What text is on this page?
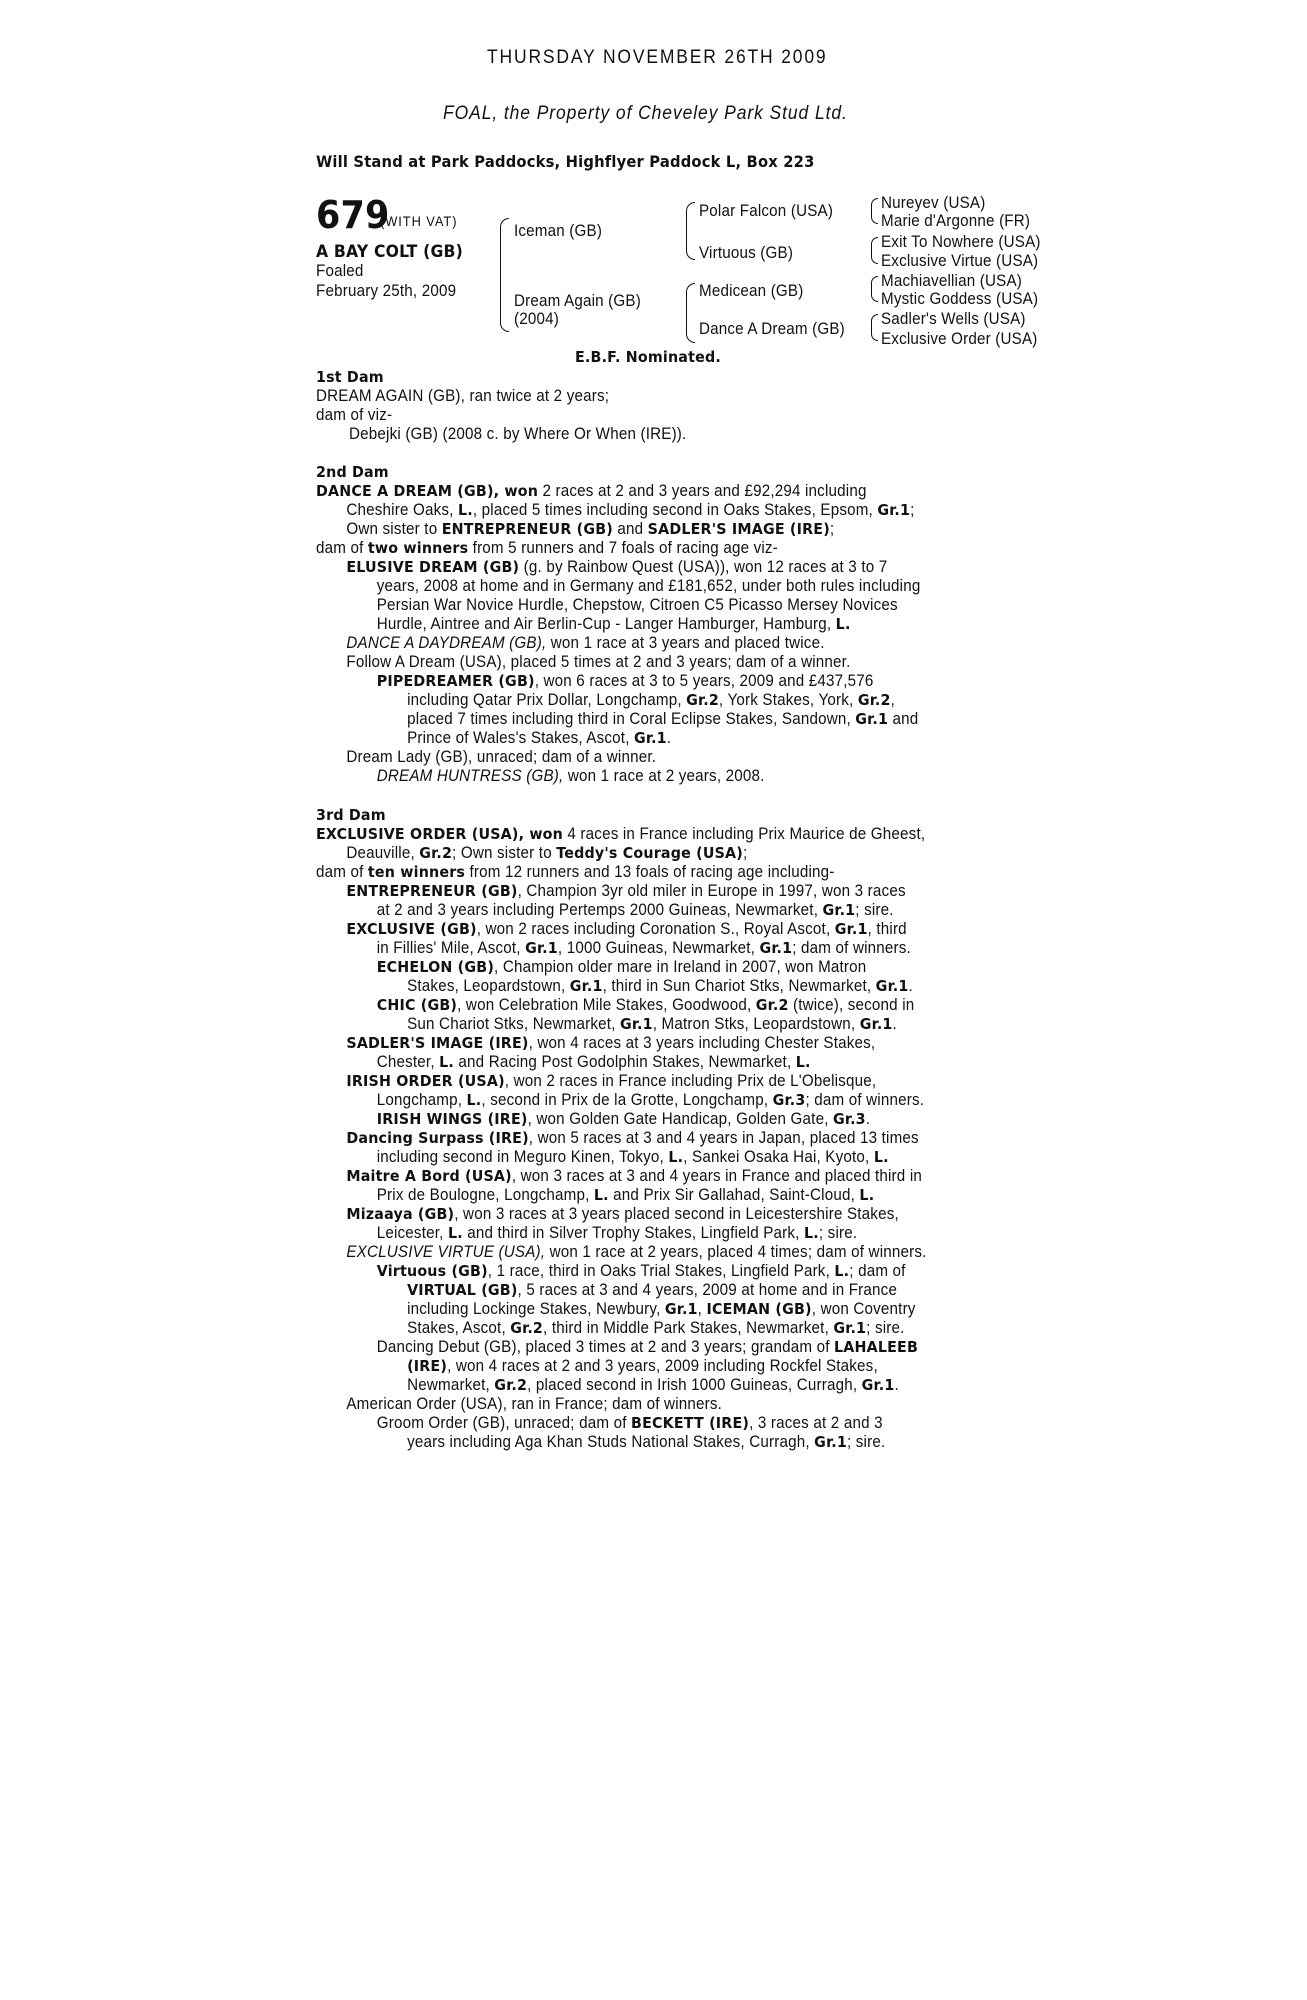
THURSDAY NOVEMBER 26TH 2009
FOAL, the Property of Cheveley Park Stud Ltd.
Will Stand at Park Paddocks, Highflyer Paddock L, Box 223
679
(WITH VAT)
A BAY COLT (GB)
Foaled
February 25th, 2009
Iceman (GB)
Dream Again (GB)
(2004)
Polar Falcon (USA)
Virtuous (GB)
Medicean (GB)
Dance A Dream (GB)
Nureyev (USA)
Marie d'Argonne (FR)
Exit To Nowhere (USA)
Exclusive Virtue (USA)
Machiavellian (USA)
Mystic Goddess (USA)
Sadler's Wells (USA)
Exclusive Order (USA)
E.B.F. Nominated.
1st Dam
DREAM AGAIN (GB), ran twice at 2 years;
dam of viz-
Debejki (GB) (2008 c. by Where Or When (IRE)).
2nd Dam
DANCE A DREAM (GB), won 2 races at 2 and 3 years and £92,294 including
Cheshire Oaks, L., placed 5 times including second in Oaks Stakes, Epsom, Gr.1;
Own sister to ENTREPRENEUR (GB) and SADLER'S IMAGE (IRE);
dam of two winners from 5 runners and 7 foals of racing age viz-
ELUSIVE DREAM (GB) (g. by Rainbow Quest (USA)), won 12 races at 3 to 7
years, 2008 at home and in Germany and £181,652, under both rules including
Persian War Novice Hurdle, Chepstow, Citroen C5 Picasso Mersey Novices
Hurdle, Aintree and Air Berlin-Cup - Langer Hamburger, Hamburg, L.
DANCE A DAYDREAM (GB), won 1 race at 3 years and placed twice.
Follow A Dream (USA), placed 5 times at 2 and 3 years; dam of a winner.
PIPEDREAMER (GB), won 6 races at 3 to 5 years, 2009 and £437,576
including Qatar Prix Dollar, Longchamp, Gr.2, York Stakes, York, Gr.2,
placed 7 times including third in Coral Eclipse Stakes, Sandown, Gr.1 and
Prince of Wales's Stakes, Ascot, Gr.1.
Dream Lady (GB), unraced; dam of a winner.
DREAM HUNTRESS (GB), won 1 race at 2 years, 2008.
3rd Dam
EXCLUSIVE ORDER (USA), won 4 races in France including Prix Maurice de Gheest,
Deauville, Gr.2; Own sister to Teddy's Courage (USA);
dam of ten winners from 12 runners and 13 foals of racing age including-
ENTREPRENEUR (GB), Champion 3yr old miler in Europe in 1997, won 3 races
at 2 and 3 years including Pertemps 2000 Guineas, Newmarket, Gr.1; sire.
EXCLUSIVE (GB), won 2 races including Coronation S., Royal Ascot, Gr.1, third
in Fillies' Mile, Ascot, Gr.1, 1000 Guineas, Newmarket, Gr.1; dam of winners.
ECHELON (GB), Champion older mare in Ireland in 2007, won Matron
Stakes, Leopardstown, Gr.1, third in Sun Chariot Stks, Newmarket, Gr.1.
CHIC (GB), won Celebration Mile Stakes, Goodwood, Gr.2 (twice), second in
Sun Chariot Stks, Newmarket, Gr.1, Matron Stks, Leopardstown, Gr.1.
SADLER'S IMAGE (IRE), won 4 races at 3 years including Chester Stakes,
Chester, L. and Racing Post Godolphin Stakes, Newmarket, L.
IRISH ORDER (USA), won 2 races in France including Prix de L'Obelisque,
Longchamp, L., second in Prix de la Grotte, Longchamp, Gr.3; dam of winners.
IRISH WINGS (IRE), won Golden Gate Handicap, Golden Gate, Gr.3.
Dancing Surpass (IRE), won 5 races at 3 and 4 years in Japan, placed 13 times
including second in Meguro Kinen, Tokyo, L., Sankei Osaka Hai, Kyoto, L.
Maitre A Bord (USA), won 3 races at 3 and 4 years in France and placed third in
Prix de Boulogne, Longchamp, L. and Prix Sir Gallahad, Saint-Cloud, L.
Mizaaya (GB), won 3 races at 3 years placed second in Leicestershire Stakes,
Leicester, L. and third in Silver Trophy Stakes, Lingfield Park, L.; sire.
EXCLUSIVE VIRTUE (USA), won 1 race at 2 years, placed 4 times; dam of winners.
Virtuous (GB), 1 race, third in Oaks Trial Stakes, Lingfield Park, L.; dam of
VIRTUAL (GB), 5 races at 3 and 4 years, 2009 at home and in France
including Lockinge Stakes, Newbury, Gr.1, ICEMAN (GB), won Coventry
Stakes, Ascot, Gr.2, third in Middle Park Stakes, Newmarket, Gr.1; sire.
Dancing Debut (GB), placed 3 times at 2 and 3 years; grandam of LAHALEEB
(IRE), won 4 races at 2 and 3 years, 2009 including Rockfel Stakes,
Newmarket, Gr.2, placed second in Irish 1000 Guineas, Curragh, Gr.1.
American Order (USA), ran in France; dam of winners.
Groom Order (GB), unraced; dam of BECKETT (IRE), 3 races at 2 and 3
years including Aga Khan Studs National Stakes, Curragh, Gr.1; sire.
